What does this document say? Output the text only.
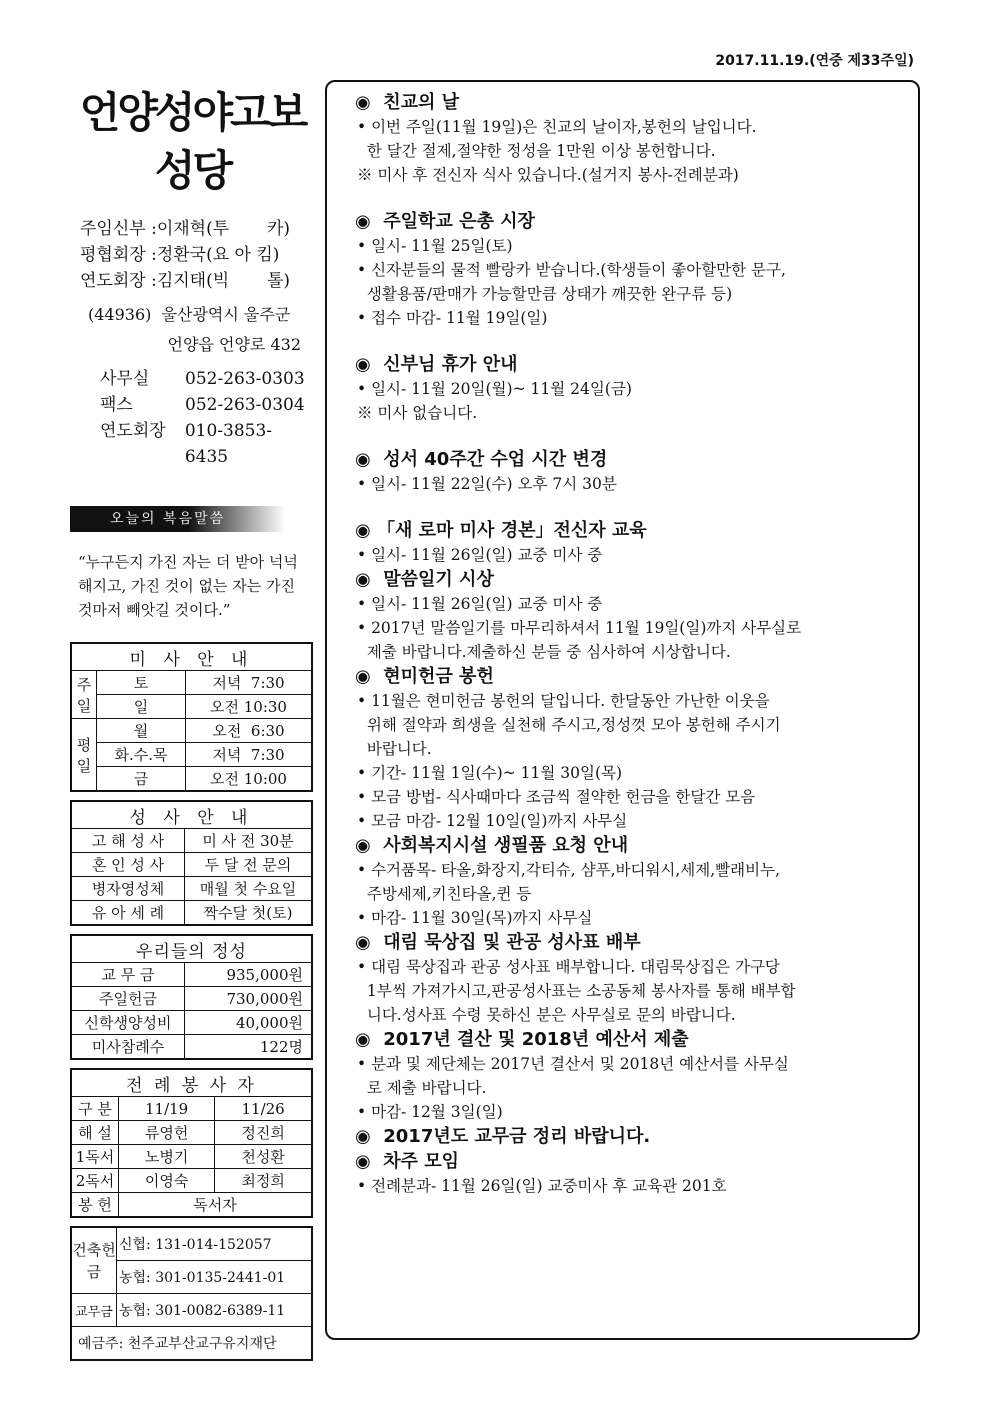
2017.11.19.(연중 제33주일)
언양성야고보
성당
주임신부 :이재혁(투       카)
평협회장 :정환국(요 아 킴)
연도회장 :김지태(빅       톨)
(44936)  울산광역시 울주군
언양읍 언양로 432
사무실	052-263-0303
팩스	052-263-0304
연도회장	010-3853-6435
오늘의 복음말씀
“누구든지 가진 자는 더 받아 넉넉해지고, 가진 것이 없는 자는 가진 것마저 빼앗길 것이다.”
미 사 안 내		
주일	토	저녁  7:30
	일	오전 10:30
평일	월	오전  6:30
	화.수.목	저녁  7:30
	금	오전 10:00
성 사 안 내	
고 해 성 사	미 사 전 30분
혼 인 성 사	두 달 전 문의
병자영성체	매월 첫 수요일
유 아 세 례	짝수달 첫(토)
우리들의 정성	
교 무 금	935,000원
주일헌금	730,000원
신학생양성비	40,000원
미사참례수	122명
전 례 봉 사 자		
구 분	11/19	11/26
해 설	류영헌	정진희
1독서	노병기	천성환
2독서	이영숙	최정희
봉 헌	독서자	
건축헌금	신협: 131-014-152057
	농협: 301-0135-2441-01
교무금	농협: 301-0082-6389-11
예금주: 천주교부산교구유지재단	
◉  친교의 날
• 이번 주일(11월 19일)은 친교의 날이자,봉헌의 날입니다.
한 달간 절제,절약한 정성을 1만원 이상 봉헌합니다.
※ 미사 후 전신자 식사 있습니다.(설거지 봉사-전례분과)
◉  주일학교 은총 시장
• 일시- 11월 25일(토)
• 신자분들의 물적 빨랑카 받습니다.(학생들이 좋아할만한 문구,
생활용품/판매가 가능할만큼 상태가 깨끗한 완구류 등)
• 접수 마감- 11월 19일(일)
◉  신부님 휴가 안내
• 일시- 11월 20일(월)~ 11월 24일(금)
※ 미사 없습니다.
◉  성서 40주간 수업 시간 변경
• 일시- 11월 22일(수) 오후 7시 30분
◉ 「새 로마 미사 경본」전신자 교육
• 일시- 11월 26일(일) 교중 미사 중
◉  말씀일기 시상
• 일시- 11월 26일(일) 교중 미사 중
• 2017년 말씀일기를 마무리하셔서 11월 19일(일)까지 사무실로
제출 바랍니다.제출하신 분들 중 심사하여 시상합니다.
◉  현미헌금 봉헌
• 11월은 현미헌금 봉헌의 달입니다. 한달동안 가난한 이웃을
위해 절약과 희생을 실천해 주시고,정성껏 모아 봉헌해 주시기
바랍니다.
• 기간- 11월 1일(수)~ 11월 30일(목)
• 모금 방법- 식사때마다 조금씩 절약한 헌금을 한달간 모음
• 모금 마감- 12월 10일(일)까지 사무실
◉  사회복지시설 생필품 요청 안내
• 수거품목- 타올,화장지,각티슈, 샴푸,바디워시,세제,빨래비누,
주방세제,키친타올,퀸 등
• 마감- 11월 30일(목)까지 사무실
◉  대림 묵상집 및 관공 성사표 배부
• 대림 묵상집과 관공 성사표 배부합니다. 대림묵상집은 가구당
1부씩 가져가시고,판공성사표는 소공동체 봉사자를 통해 배부합
니다.성사표 수령 못하신 분은 사무실로 문의 바랍니다.
◉  2017년 결산 및 2018년 예산서 제출
• 분과 및 제단체는 2017년 결산서 및 2018년 예산서를 사무실
로 제출 바랍니다.
• 마감- 12월 3일(일)
◉  2017년도 교무금 정리 바랍니다.
◉  차주 모임
• 전례분과- 11월 26일(일) 교중미사 후 교육관 201호
